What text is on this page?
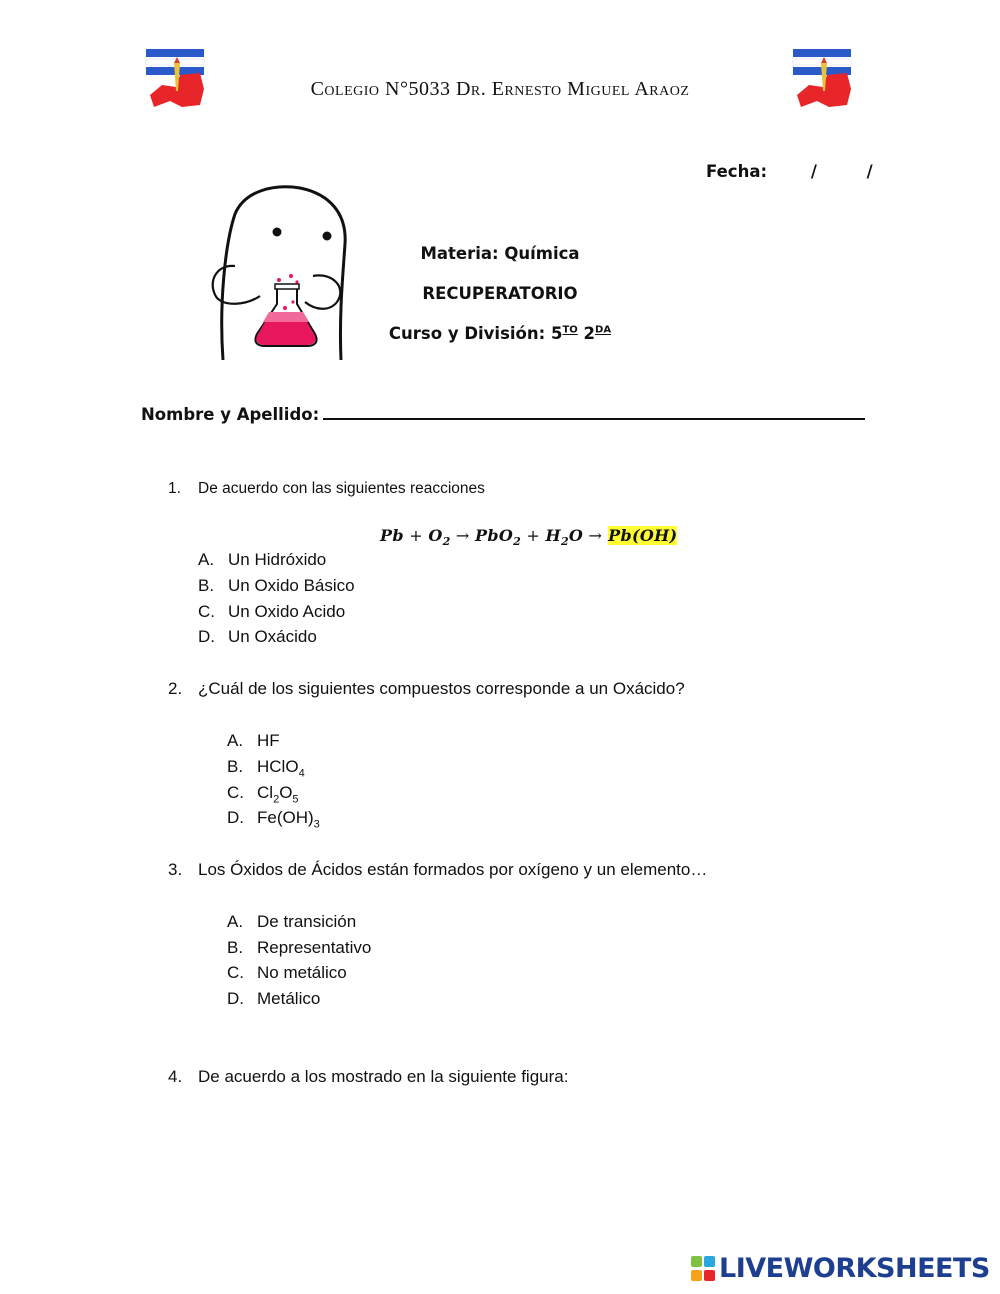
Colegio N°5033 Dr. Ernesto Miguel Araoz
Fecha:	/	/
Materia: Química
RECUPERATORIO
Curso y División: $5^{TO}$ $2^{DA}$
Nombre y Apellido:
1. De acuerdo con las siguientes reacciones
$Pb + O_2 \to PbO_2 + H_2O \to Pb(OH)$
A. Un Hidróxido
B. Un Oxido Básico
C. Un Oxido Acido
D. Un Oxácido
2. ¿Cuál de los siguientes compuestos corresponde a un Oxácido?
A. HF
B. HClO$_4$
C. $Cl_2O_5$
D. $Fe(OH)_3$
3. Los Óxidos de Ácidos están formados por oxígeno y un elemento…
A. De transición
B. Representativo
C. No metálico
D. Metálico
4. De acuerdo a los mostrado en la siguiente figura:
LIVEWORKSHEETS
